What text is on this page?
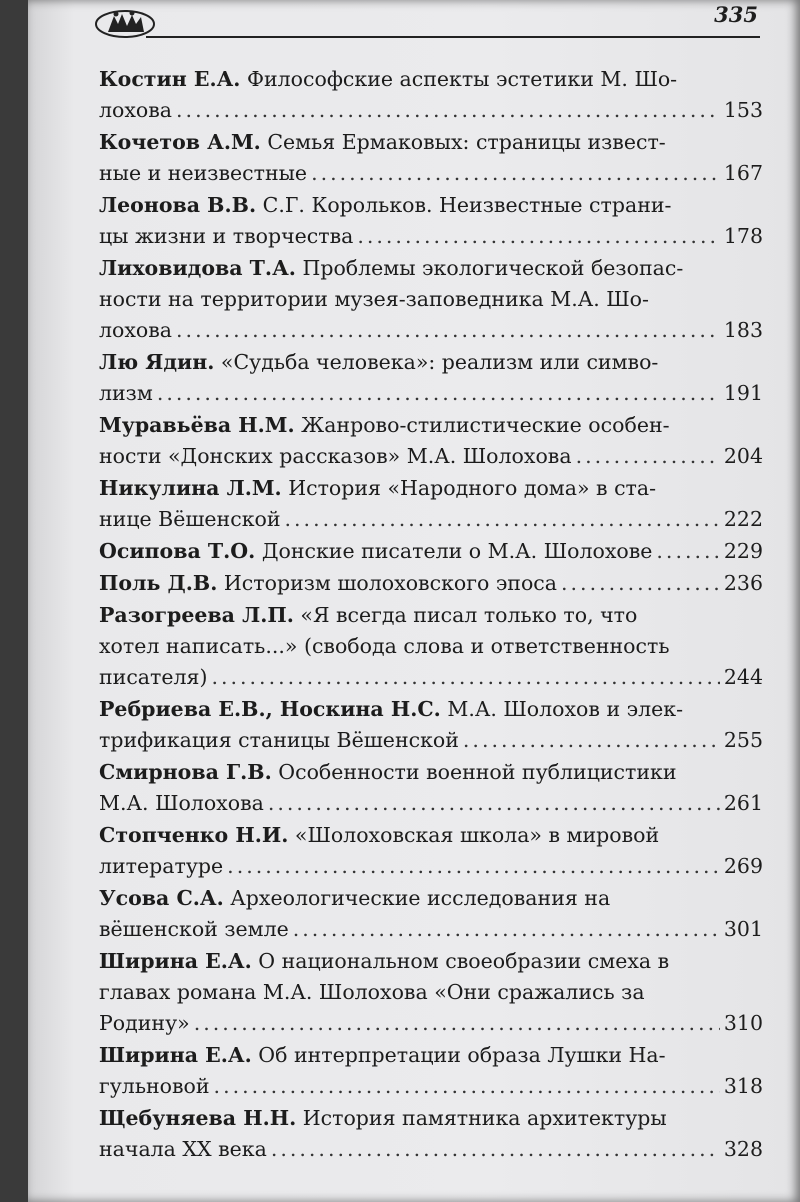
335
Костин Е.А. Философские аспекты эстетики М. Шо-
лохова .....	153
Кочетов А.М. Семья Ермаковых: страницы извест-
ные и неизвестные .....	167
Леонова В.В. С.Г. Корольков. Неизвестные страни-
цы жизни и творчества .....	178
Лиховидова Т.А. Проблемы экологической безопас-
ности на территории музея-заповедника М.А. Шо-
лохова .....	183
Лю Ядин. «Судьба человека»: реализм или симво-
лизм .....	191
Муравьёва Н.М. Жанрово-стилистические особен-
ности «Донских рассказов» М.А. Шолохова .....	204
Никулина Л.М. История «Народного дома» в ста-
нице Вёшенской .....	222
Осипова Т.О. Донские писатели о М.А. Шолохове .....	229
Поль Д.В. Историзм шолоховского эпоса .....	236
Разогреева Л.П. «Я всегда писал только то, что
хотел написать...» (свобода слова и ответственность
писателя) .....	244
Ребриева Е.В., Носкина Н.С. М.А. Шолохов и элек-
трификация станицы Вёшенской .....	255
Смирнова Г.В. Особенности военной публицистики
М.А. Шолохова .....	261
Стопченко Н.И. «Шолоховская школа» в мировой
литературе .....	269
Усова С.А. Археологические исследования на
вёшенской земле .....	301
Ширина Е.А. О национальном своеобразии смеха в
главах романа М.А. Шолохова «Они сражались за
Родину» .....	310
Ширина Е.А. Об интерпретации образа Лушки На-
гульновой .....	318
Щебуняева Н.Н. История памятника архитектуры
начала XX века .....	328
